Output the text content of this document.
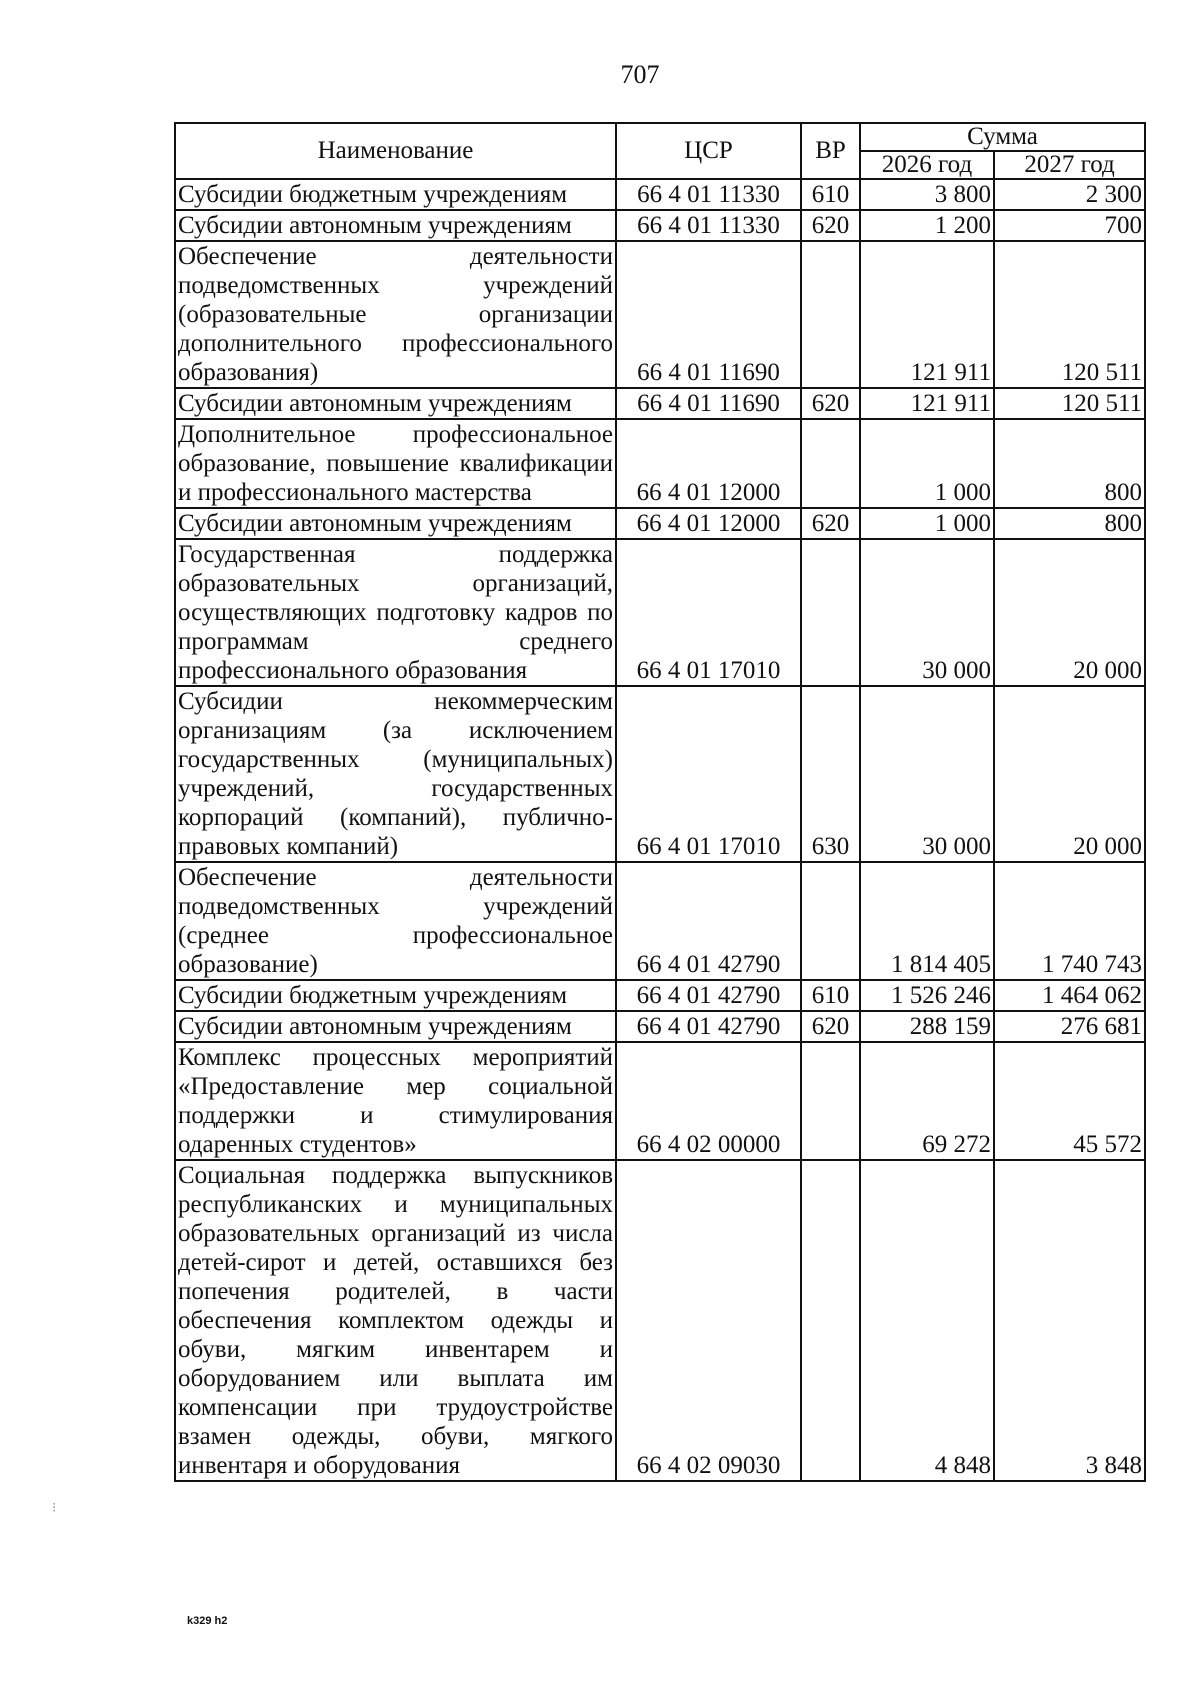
707
Наименование	ЦСР	ВР	Сумма	
			2026 год	2027 год
Субсидии бюджетным учреждениям	66 4 01 11330	610	3 800	2 300
Субсидии автономным учреждениям	66 4 01 11330	620	1 200	700
Обеспечение деятельности подведомственных учреждений (образовательные организации дополнительного профессионального образования)	66 4 01 11690		121 911	120 511
Субсидии автономным учреждениям	66 4 01 11690	620	121 911	120 511
Дополнительное профессиональное образование, повышение квалификации и профессионального мастерства	66 4 01 12000		1 000	800
Субсидии автономным учреждениям	66 4 01 12000	620	1 000	800
Государственная поддержка образовательных организаций, осуществляющих подготовку кадров по программам среднего профессионального образования	66 4 01 17010		30 000	20 000
Субсидии некоммерческим организациям (за исключением государственных (муниципальных) учреждений, государственных корпораций (компаний), публично-правовых компаний)	66 4 01 17010	630	30 000	20 000
Обеспечение деятельности подведомственных учреждений (среднее профессиональное образование)	66 4 01 42790		1 814 405	1 740 743
Субсидии бюджетным учреждениям	66 4 01 42790	610	1 526 246	1 464 062
Субсидии автономным учреждениям	66 4 01 42790	620	288 159	276 681
Комплекс процессных мероприятий «Предоставление мер социальной поддержки и стимулирования одаренных студентов»	66 4 02 00000		69 272	45 572
Социальная поддержка выпускников республиканских и муниципальных образовательных организаций из числа детей-сирот и детей, оставшихся без попечения родителей, в части обеспечения комплектом одежды и обуви, мягким инвентарем и оборудованием или выплата им компенсации при трудоустройстве взамен одежды, обуви, мягкого инвентаря и оборудования	66 4 02 09030		4 848	3 848
k329 h2
⁝
